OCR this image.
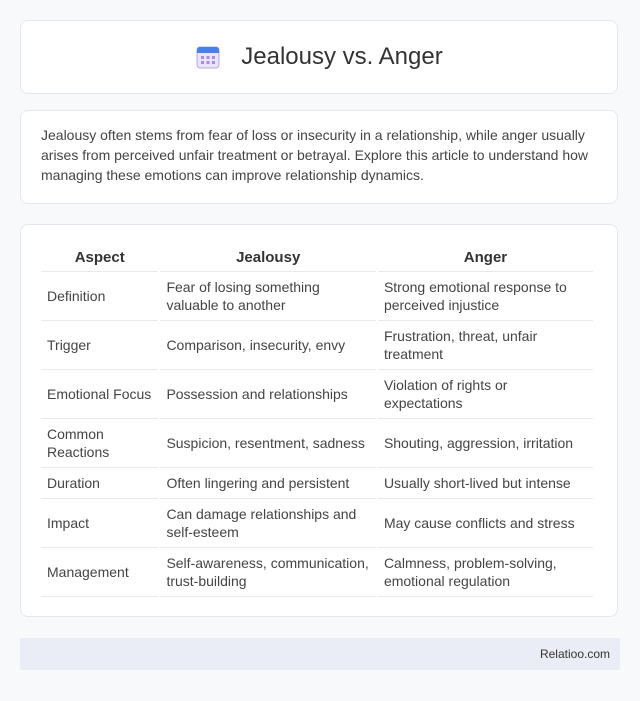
Jealousy vs. Anger

Jealousy often stems from fear of loss or insecurity in a relationship, while anger usually arises from perceived unfair treatment or betrayal. Explore this article to understand how managing these emotions can improve relationship dynamics.

Aspect	Jealousy	Anger
Definition	Fear of losing something valuable to another	Strong emotional response to perceived injustice
Trigger	Comparison, insecurity, envy	Frustration, threat, unfair treatment
Emotional Focus	Possession and relationships	Violation of rights or expectations
Common Reactions	Suspicion, resentment, sadness	Shouting, aggression, irritation
Duration	Often lingering and persistent	Usually short-lived but intense
Impact	Can damage relationships and self-esteem	May cause conflicts and stress
Management	Self-awareness, communication, trust-building	Calmness, problem-solving, emotional regulation
Relatioo.com
